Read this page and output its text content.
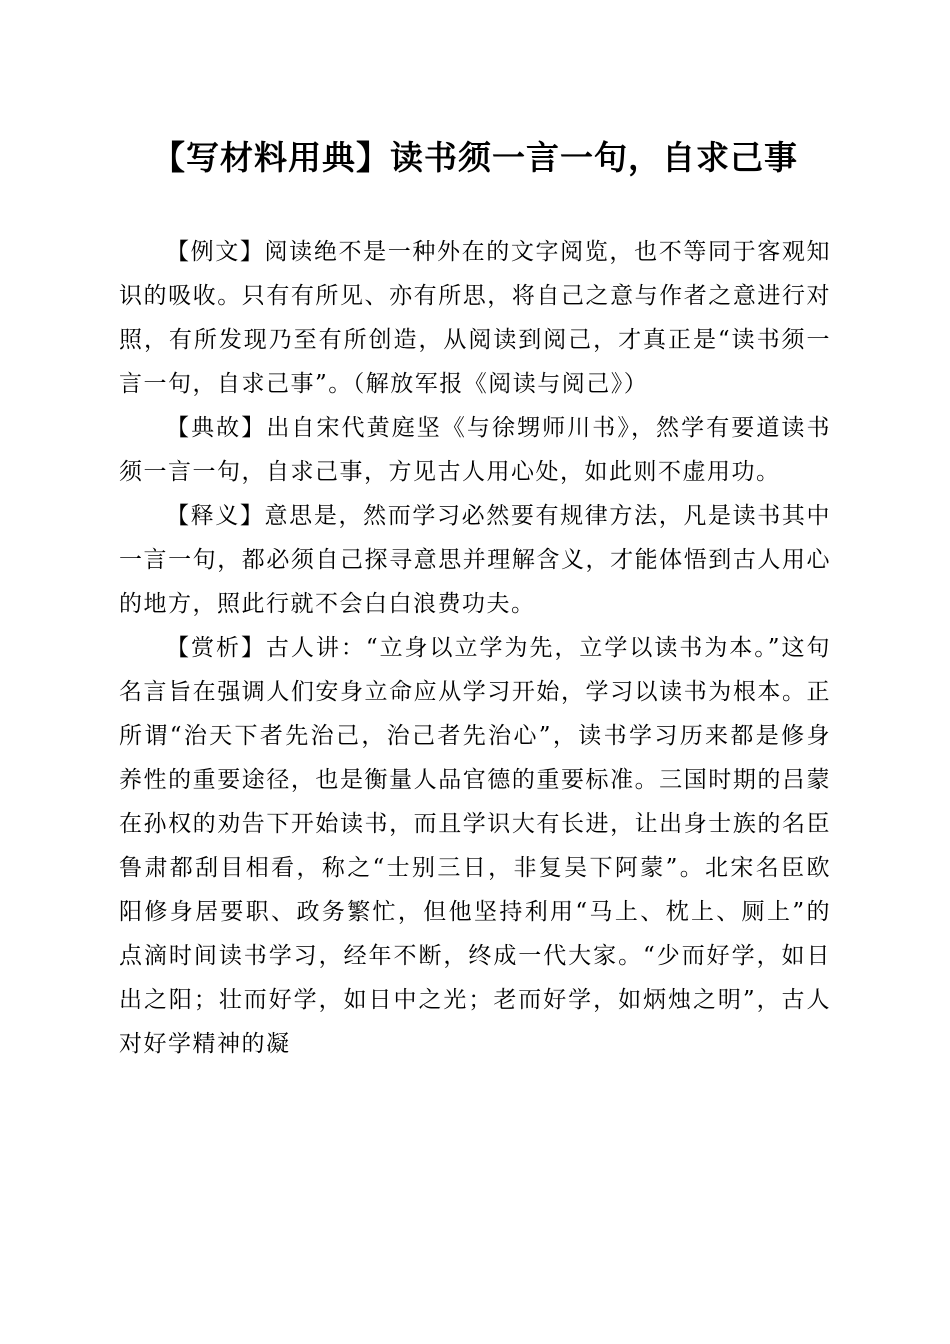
【写材料用典】读书须一言一句，自求己事

【例文】阅读绝不是一种外在的文字阅览，也不等同于客观知识的吸收。只有有所见、亦有所思，将自己之意与作者之意进行对照，有所发现乃至有所创造，从阅读到阅己，才真正是“读书须一言一句，自求己事”。（解放军报《阅读与阅己》）

【典故】出自宋代黄庭坚《与徐甥师川书》，然学有要道读书须一言一句，自求己事，方见古人用心处，如此则不虚用功。

【释义】意思是，然而学习必然要有规律方法，凡是读书其中一言一句，都必须自己探寻意思并理解含义，才能体悟到古人用心的地方，照此行就不会白白浪费功夫。

【赏析】古人讲：“立身以立学为先，立学以读书为本。”这句名言旨在强调人们安身立命应从学习开始，学习以读书为根本。正所谓“治天下者先治己，治己者先治心”，读书学习历来都是修身养性的重要途径，也是衡量人品官德的重要标准。三国时期的吕蒙在孙权的劝告下开始读书，而且学识大有长进，让出身士族的名臣鲁肃都刮目相看，称之“士别三日，非复吴下阿蒙”。北宋名臣欧阳修身居要职、政务繁忙，但他坚持利用“马上、枕上、厕上”的点滴时间读书学习，经年不断，终成一代大家。“少而好学，如日出之阳；壮而好学，如日中之光；老而好学，如炳烛之明”，古人对好学精神的凝
